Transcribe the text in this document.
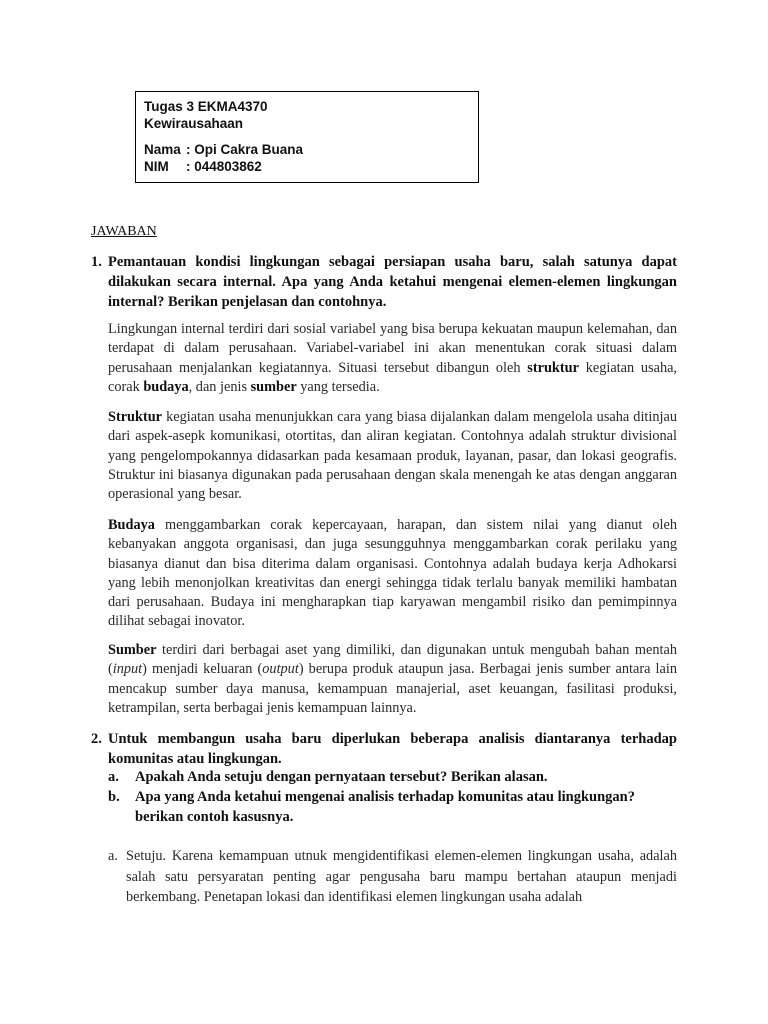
Tugas 3 EKMA4370
Kewirausahaan
Nama : Opi Cakra Buana
NIM	: 044803862
JAWABAN
1. Pemantauan kondisi lingkungan sebagai persiapan usaha baru, salah satunya dapat dilakukan secara internal. Apa yang Anda ketahui mengenai elemen-elemen lingkungan internal? Berikan penjelasan dan contohnya.
Lingkungan internal terdiri dari sosial variabel yang bisa berupa kekuatan maupun kelemahan, dan terdapat di dalam perusahaan. Variabel-variabel ini akan menentukan corak situasi dalam perusahaan menjalankan kegiatannya. Situasi tersebut dibangun oleh struktur kegiatan usaha, corak budaya, dan jenis sumber yang tersedia.
Struktur kegiatan usaha menunjukkan cara yang biasa dijalankan dalam mengelola usaha ditinjau dari aspek-asepk komunikasi, otortitas, dan aliran kegiatan. Contohnya adalah struktur divisional yang pengelompokannya didasarkan pada kesamaan produk, layanan, pasar, dan lokasi geografis. Struktur ini biasanya digunakan pada perusahaan dengan skala menengah ke atas dengan anggaran operasional yang besar.
Budaya menggambarkan corak kepercayaan, harapan, dan sistem nilai yang dianut oleh kebanyakan anggota organisasi, dan juga sesungguhnya menggambarkan corak perilaku yang biasanya dianut dan bisa diterima dalam organisasi. Contohnya adalah budaya kerja Adhokarsi yang lebih menonjolkan kreativitas dan energi sehingga tidak terlalu banyak memiliki hambatan dari perusahaan. Budaya ini mengharapkan tiap karyawan mengambil risiko dan pemimpinnya dilihat sebagai inovator.
Sumber terdiri dari berbagai aset yang dimiliki, dan digunakan untuk mengubah bahan mentah (input) menjadi keluaran (output) berupa produk ataupun jasa. Berbagai jenis sumber antara lain mencakup sumber daya manusa, kemampuan manajerial, aset keuangan, fasilitasi produksi, ketrampilan, serta berbagai jenis kemampuan lainnya.
2. Untuk membangun usaha baru diperlukan beberapa analisis diantaranya terhadap komunitas atau lingkungan.
a.	Apakah Anda setuju dengan pernyataan tersebut? Berikan alasan.
b.	Apa yang Anda ketahui mengenai analisis terhadap komunitas atau lingkungan? berikan contoh kasusnya.
a. Setuju. Karena kemampuan utnuk mengidentifikasi elemen-elemen lingkungan usaha, adalah salah satu persyaratan penting agar pengusaha baru mampu bertahan ataupun menjadi berkembang. Penetapan lokasi dan identifikasi elemen lingkungan usaha adalah
